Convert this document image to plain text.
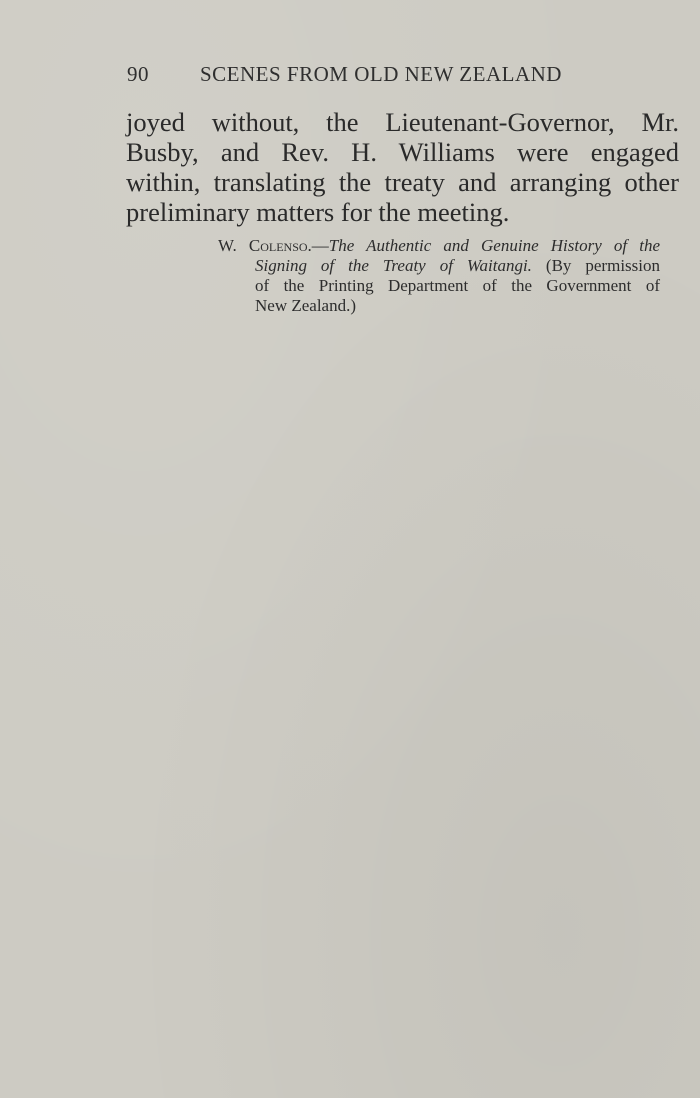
90 SCENES FROM OLD NEW ZEALAND
joyed without, the Lieutenant-Governor, Mr.
Busby, and Rev. H. Williams were engaged
within, translating the treaty and arranging other
preliminary matters for the meeting.
W. Colenso.—The Authentic and Genuine History of the
Signing of the Treaty of Waitangi. (By permission
of the Printing Department of the Government of
New Zealand.)
